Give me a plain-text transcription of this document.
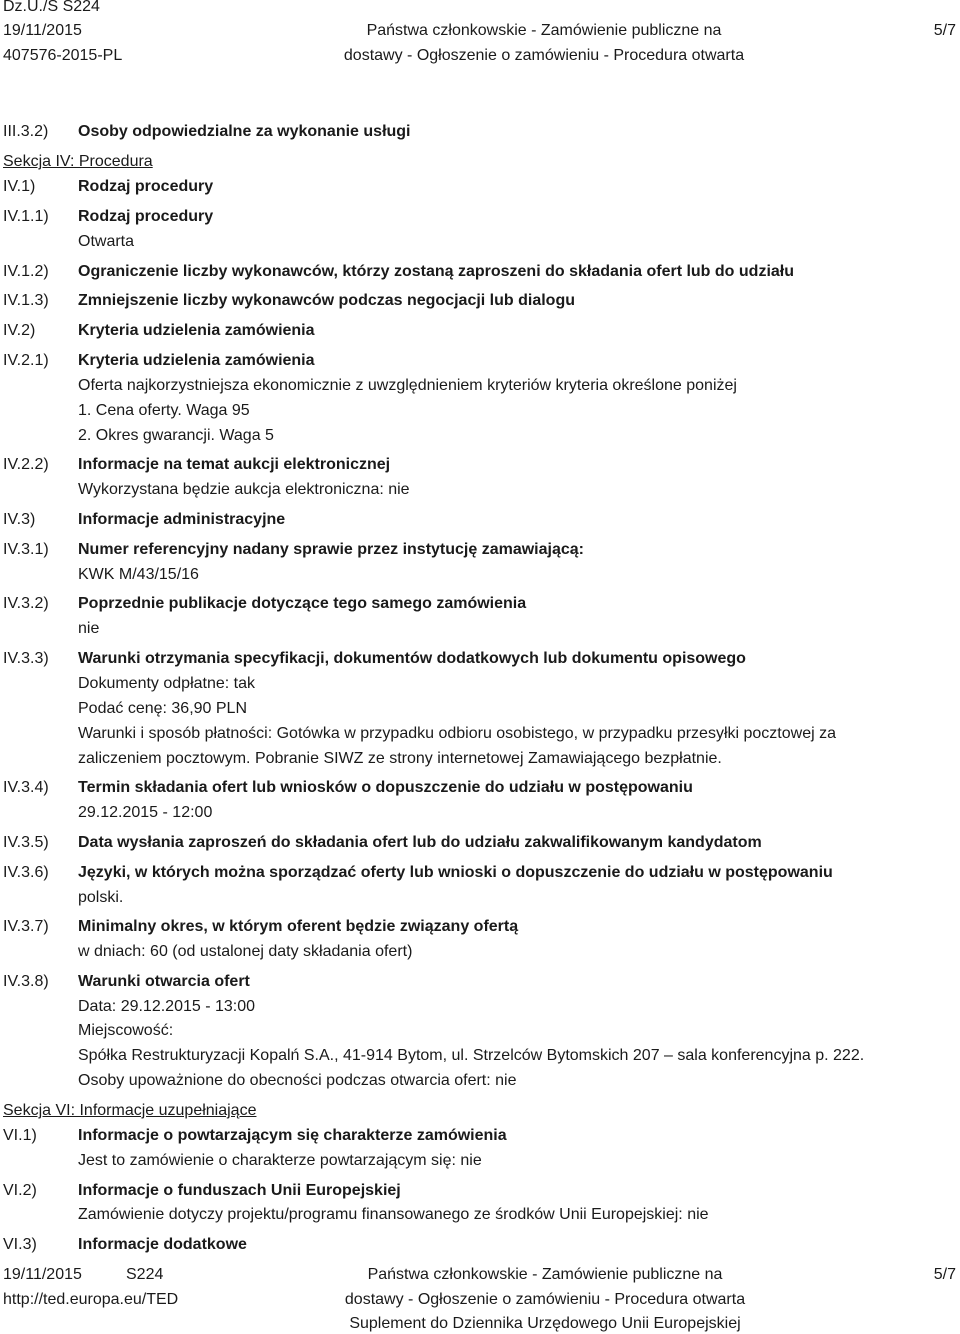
Dz.U./S S224
19/11/2015
407576-2015-PL
Państwa członkowskie - Zamówienie publiczne na
dostawy - Ogłoszenie o zamówieniu - Procedura otwarta
5/7
III.3.2) Osoby odpowiedzialne za wykonanie usługi
Sekcja IV: Procedura
IV.1)	Rodzaj procedury
IV.1.1) Rodzaj procedury
Otwarta
IV.1.2) Ograniczenie liczby wykonawców, którzy zostaną zaproszeni do składania ofert lub do udziału
IV.1.3) Zmniejszenie liczby wykonawców podczas negocjacji lub dialogu
IV.2)	Kryteria udzielenia zamówienia
IV.2.1) Kryteria udzielenia zamówienia
Oferta najkorzystniejsza ekonomicznie z uwzględnieniem kryteriów kryteria określone poniżej
1. Cena oferty. Waga 95
2. Okres gwarancji. Waga 5
IV.2.2) Informacje na temat aukcji elektronicznej
Wykorzystana będzie aukcja elektroniczna: nie
IV.3)	Informacje administracyjne
IV.3.1) Numer referencyjny nadany sprawie przez instytucję zamawiającą:
KWK M/43/15/16
IV.3.2) Poprzednie publikacje dotyczące tego samego zamówienia
nie
IV.3.3) Warunki otrzymania specyfikacji, dokumentów dodatkowych lub dokumentu opisowego
Dokumenty odpłatne: tak
Podać cenę: 36,90 PLN
Warunki i sposób płatności: Gotówka w przypadku odbioru osobistego, w przypadku przesyłki pocztowej za
zaliczeniem pocztowym. Pobranie SIWZ ze strony internetowej Zamawiającego bezpłatnie.
IV.3.4) Termin składania ofert lub wniosków o dopuszczenie do udziału w postępowaniu
29.12.2015 - 12:00
IV.3.5) Data wysłania zaproszeń do składania ofert lub do udziału zakwalifikowanym kandydatom
IV.3.6) Języki, w których można sporządzać oferty lub wnioski o dopuszczenie do udziału w postępowaniu
polski.
IV.3.7) Minimalny okres, w którym oferent będzie związany ofertą
w dniach: 60 (od ustalonej daty składania ofert)
IV.3.8) Warunki otwarcia ofert
Data: 29.12.2015 - 13:00
Miejscowość:
Spółka Restrukturyzacji Kopalń S.A., 41-914 Bytom, ul. Strzelców Bytomskich 207 – sala konferencyjna p. 222.
Osoby upoważnione do obecności podczas otwarcia ofert: nie
Sekcja VI: Informacje uzupełniające
VI.1)	Informacje o powtarzającym się charakterze zamówienia
Jest to zamówienie o charakterze powtarzającym się: nie
VI.2)	Informacje o funduszach Unii Europejskiej
Zamówienie dotyczy projektu/programu finansowanego ze środków Unii Europejskiej: nie
VI.3)	Informacje dodatkowe
19/11/2015	S224
http://ted.europa.eu/TED
Państwa członkowskie - Zamówienie publiczne na
dostawy - Ogłoszenie o zamówieniu - Procedura otwarta
Suplement do Dziennika Urzędowego Unii Europejskiej
5/7
